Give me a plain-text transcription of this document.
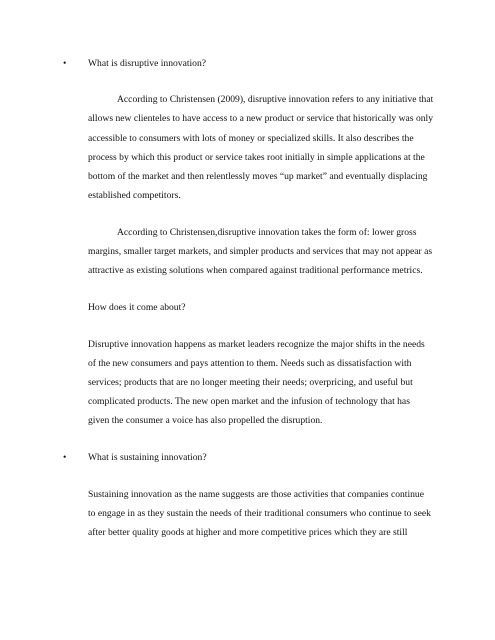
• What is disruptive innovation?
According to Christensen (2009), disruptive innovation refers to any initiative that
allows new clienteles to have access to a new product or service that historically was only
accessible to consumers with lots of money or specialized skills. It also describes the
process by which this product or service takes root initially in simple applications at the
bottom of the market and then relentlessly moves “up market” and eventually displacing
established competitors.
According to Christensen,disruptive innovation takes the form of: lower gross
margins, smaller target markets, and simpler products and services that may not appear as
attractive as existing solutions when compared against traditional performance metrics.
How does it come about?
Disruptive innovation happens as market leaders recognize the major shifts in the needs
of the new consumers and pays attention to them. Needs such as dissatisfaction with
services; products that are no longer meeting their needs; overpricing, and useful but
complicated products. The new open market and the infusion of technology that has
given the consumer a voice has also propelled the disruption.
• What is sustaining innovation?
Sustaining innovation as the name suggests are those activities that companies continue
to engage in as they sustain the needs of their traditional consumers who continue to seek
after better quality goods at higher and more competitive prices which they are still
